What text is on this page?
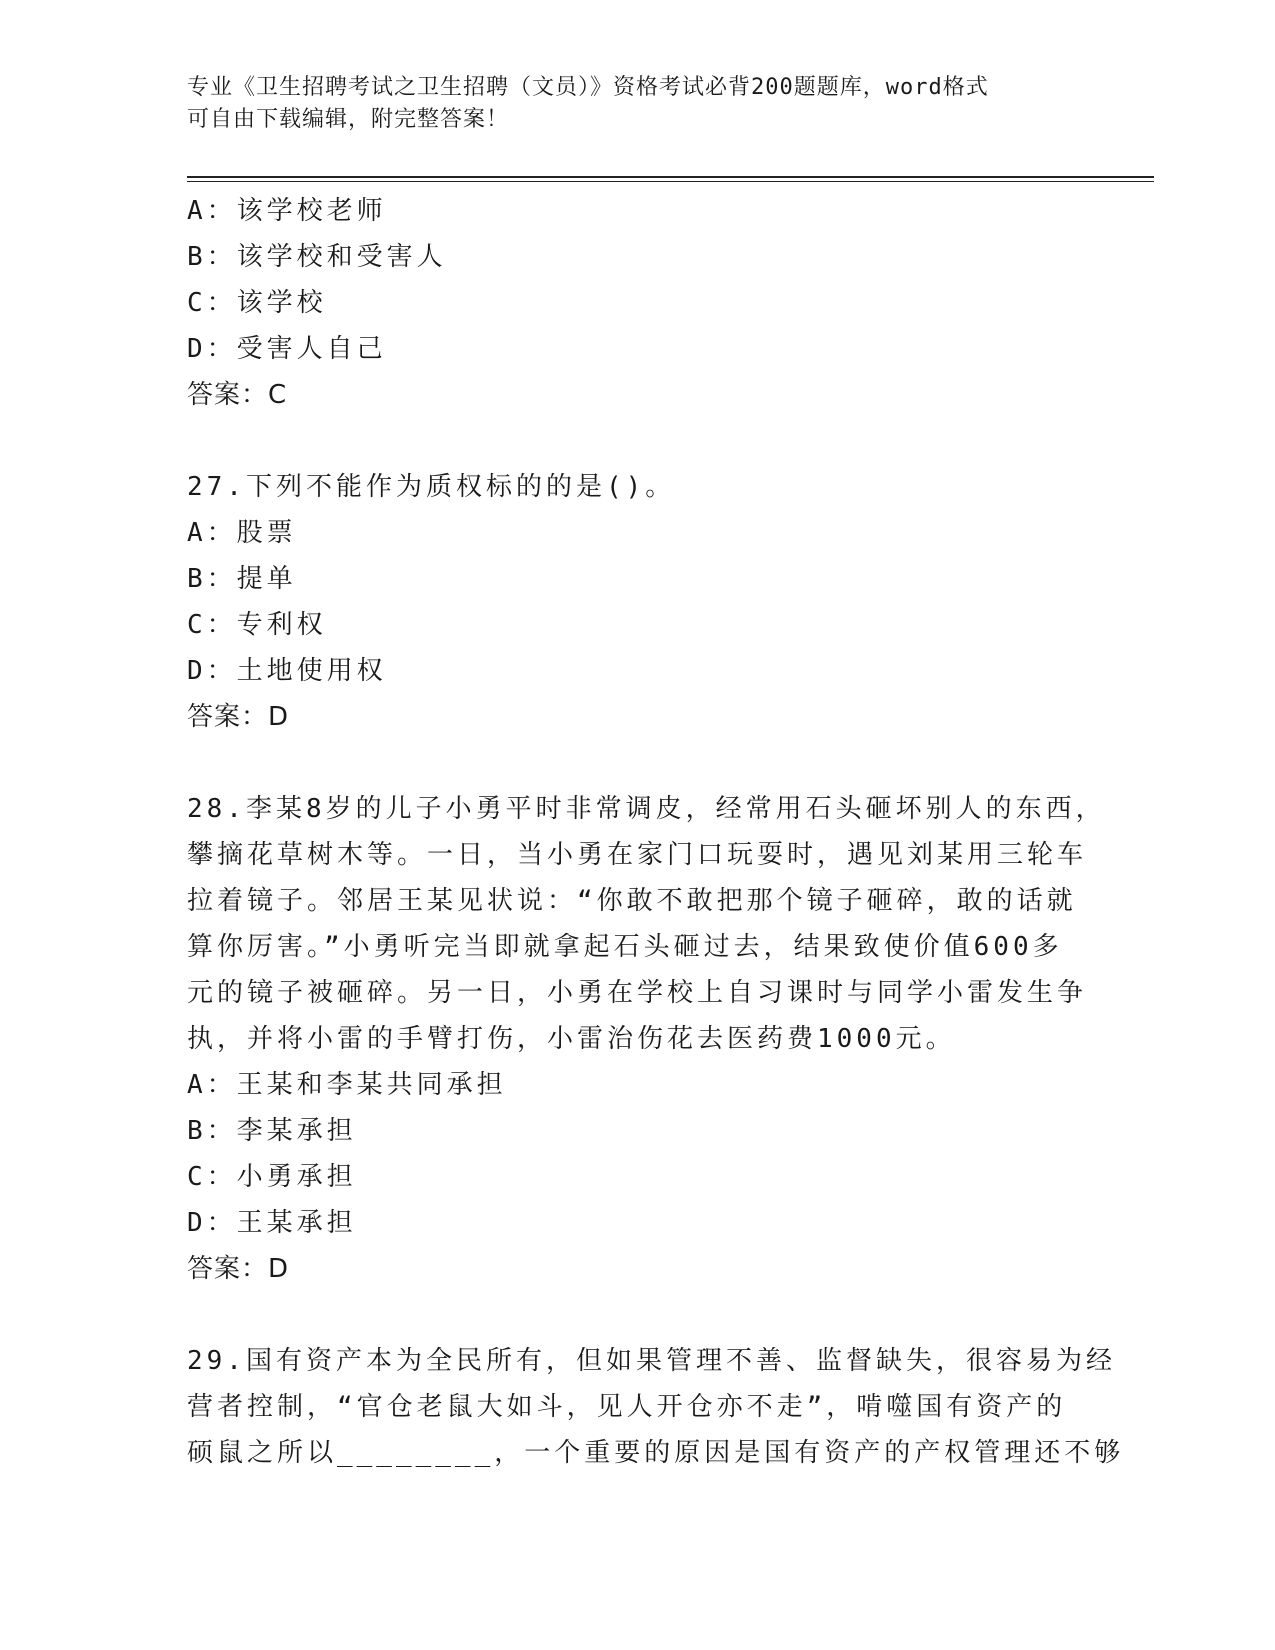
专业《卫生招聘考试之卫生招聘（文员）》资格考试必背200题题库，word格式
可自由下载编辑，附完整答案！
A：该学校老师
B：该学校和受害人
C：该学校
D：受害人自己
答案：C
27.下列不能作为质权标的的是()。
A：股票
B：提单
C：专利权
D：土地使用权
答案：D
28.李某8岁的儿子小勇平时非常调皮，经常用石头砸坏别人的东西，
攀摘花草树木等。一日，当小勇在家门口玩耍时，遇见刘某用三轮车
拉着镜子。邻居王某见状说：“你敢不敢把那个镜子砸碎，敢的话就
算你厉害。”小勇听完当即就拿起石头砸过去，结果致使价值600多
元的镜子被砸碎。另一日，小勇在学校上自习课时与同学小雷发生争
执，并将小雷的手臂打伤，小雷治伤花去医药费1000元。
A：王某和李某共同承担
B：李某承担
C：小勇承担
D：王某承担
答案：D
29.国有资产本为全民所有，但如果管理不善、监督缺失，很容易为经
营者控制，“官仓老鼠大如斗，见人开仓亦不走”，啃噬国有资产的
硕鼠之所以________，一个重要的原因是国有资产的产权管理还不够
